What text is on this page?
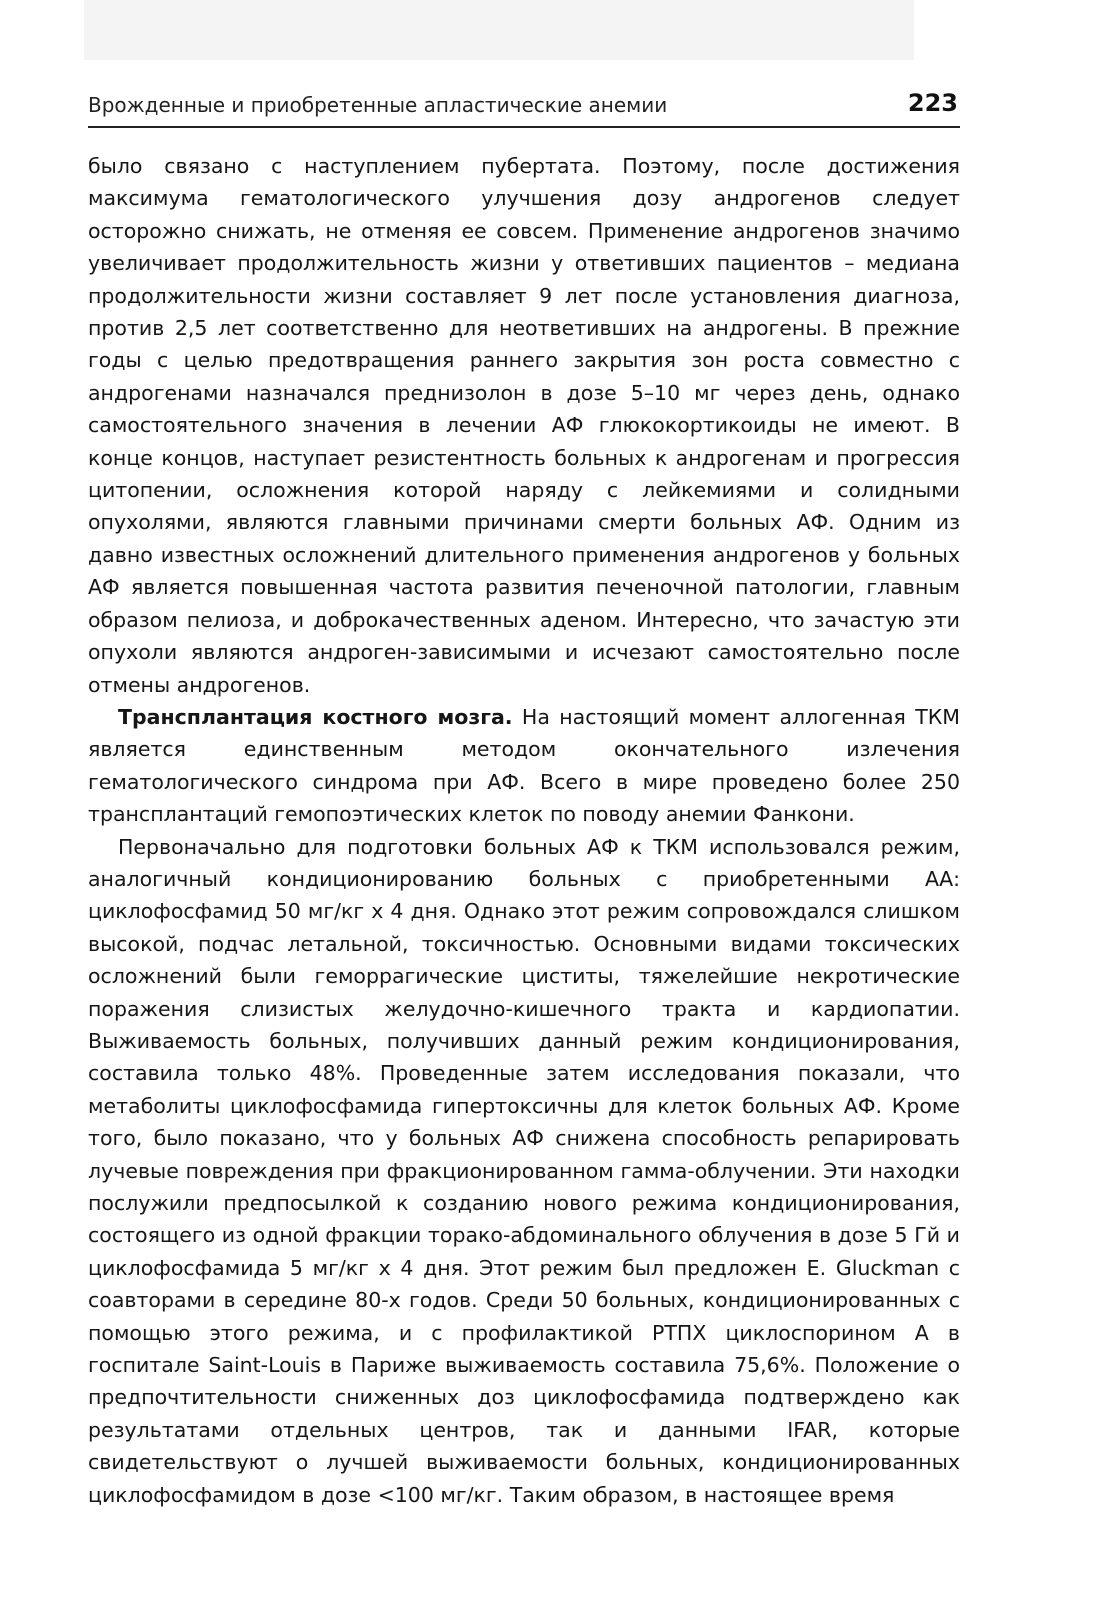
Врожденные и приобретенные апластические анемии	223

было связано с наступлением пубертата. Поэтому, после достижения максимума гематологического улучшения дозу андрогенов следует осторожно снижать, не отменяя ее совсем. Применение андрогенов значимо увеличивает продолжительность жизни у ответивших пациентов – медиана продолжительности жизни составляет 9 лет после установления диагноза, против 2,5 лет соответственно для неответивших на андрогены. В прежние годы с целью предотвращения раннего закрытия зон роста совместно с андрогенами назначался преднизолон в дозе 5–10 мг через день, однако самостоятельного значения в лечении АФ глюкокортикоиды не имеют. В конце концов, наступает резистентность больных к андрогенам и прогрессия цитопении, осложнения которой наряду с лейкемиями и солидными опухолями, являются главными причинами смерти больных АФ. Одним из давно известных осложнений длительного применения андрогенов у больных АФ является повышенная частота развития печеночной патологии, главным образом пелиоза, и доброкачественных аденом. Интересно, что зачастую эти опухоли являются андроген-зависимыми и исчезают самостоятельно после отмены андрогенов.

Трансплантация костного мозга. На настоящий момент аллогенная ТКМ является единственным методом окончательного излечения гематологического синдрома при АФ. Всего в мире проведено более 250 трансплантаций гемопоэтических клеток по поводу анемии Фанкони.

Первоначально для подготовки больных АФ к ТКМ использовался режим, аналогичный кондиционированию больных с приобретенными АА: циклофосфамид 50 мг/кг x 4 дня. Однако этот режим сопровождался слишком высокой, подчас летальной, токсичностью. Основными видами токсических осложнений были геморрагические циститы, тяжелейшие некротические поражения слизистых желудочно-кишечного тракта и кардиопатии. Выживаемость больных, получивших данный режим кондиционирования, составила только 48%. Проведенные затем исследования показали, что метаболиты циклофосфамида гипертоксичны для клеток больных АФ. Кроме того, было показано, что у больных АФ снижена способность репарировать лучевые повреждения при фракционированном гамма-облучении. Эти находки послужили предпосылкой к созданию нового режима кондиционирования, состоящего из одной фракции торако-абдоминального облучения в дозе 5 Гй и циклофосфамида 5 мг/кг x 4 дня. Этот режим был предложен E. Gluckman с соавторами в середине 80-х годов. Среди 50 больных, кондиционированных с помощью этого режима, и с профилактикой РТПХ циклоспорином А в госпитале Saint-Louis в Париже выживаемость составила 75,6%. Положение о предпочтительности сниженных доз циклофосфамида подтверждено как результатами отдельных центров, так и данными IFAR, которые свидетельствуют о лучшей выживаемости больных, кондиционированных циклофосфамидом в дозе <100 мг/кг. Таким образом, в настоящее время
